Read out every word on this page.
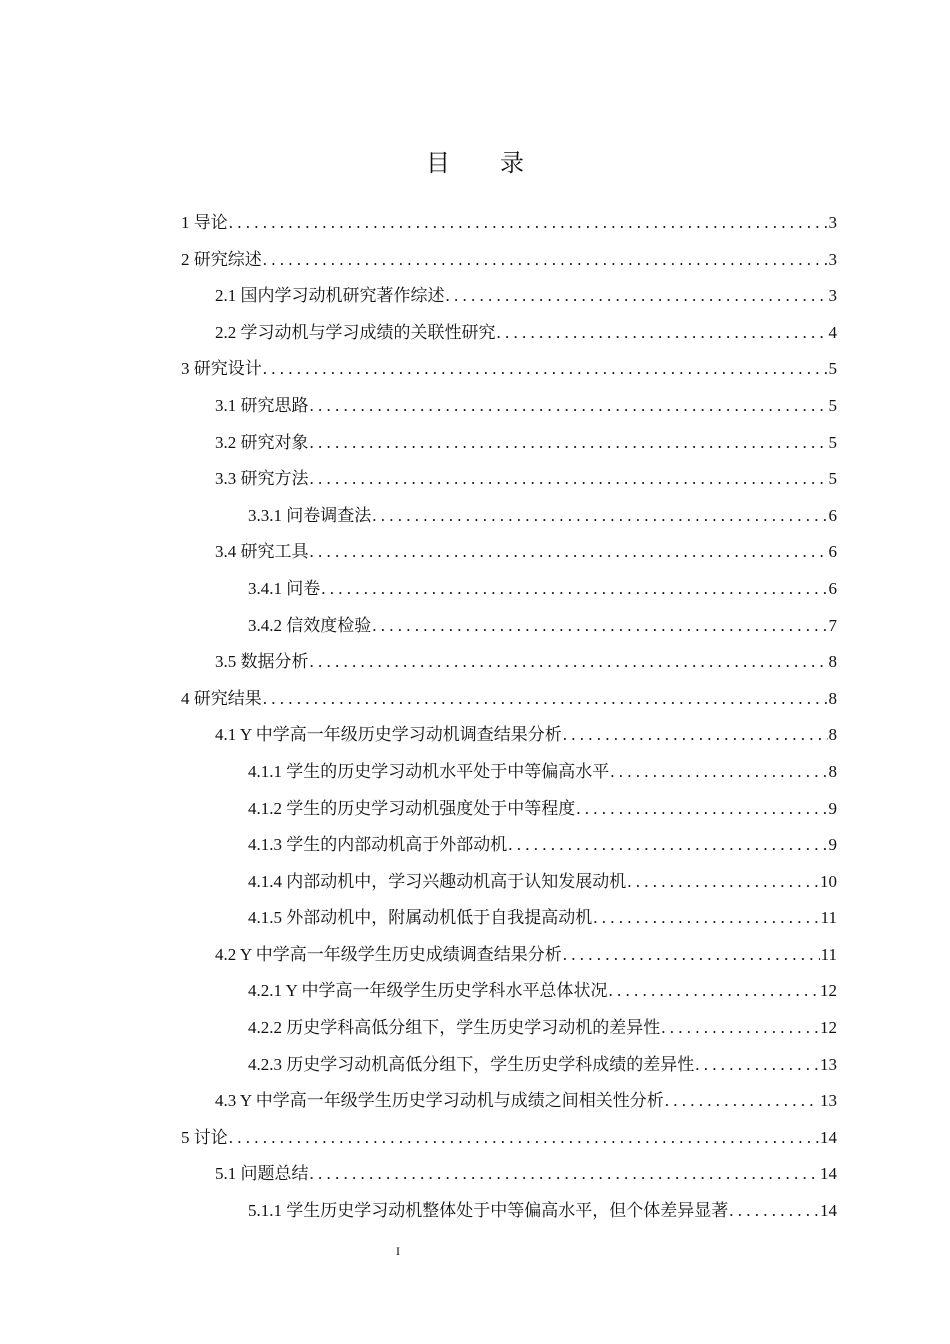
目 录
1 导论 . . .	3
2 研究综述 . . .	3
2.1 国内学习动机研究著作综述 . . .	3
2.2 学习动机与学习成绩的关联性研究 . . .	4
3 研究设计 . . .	5
3.1 研究思路 . . .	5
3.2 研究对象 . . .	5
3.3 研究方法 . . .	5
3.3.1 问卷调查法 . . .	6
3.4 研究工具 . . .	6
3.4.1 问卷 . . .	6
3.4.2 信效度检验 . . .	7
3.5 数据分析 . . .	8
4 研究结果 . . .	8
4.1 Y 中学高一年级历史学习动机调查结果分析 . . .	8
4.1.1 学生的历史学习动机水平处于中等偏高水平 . . .	8
4.1.2 学生的历史学习动机强度处于中等程度 . . .	9
4.1.3 学生的内部动机高于外部动机 . . .	9
4.1.4 内部动机中，学习兴趣动机高于认知发展动机 . . .	10
4.1.5 外部动机中，附属动机低于自我提高动机 . . .	11
4.2 Y 中学高一年级学生历史成绩调查结果分析 . . .	11
4.2.1 Y 中学高一年级学生历史学科水平总体状况 . . .	12
4.2.2 历史学科高低分组下，学生历史学习动机的差异性 . . .	12
4.2.3 历史学习动机高低分组下，学生历史学科成绩的差异性 . . .	13
4.3 Y 中学高一年级学生历史学习动机与成绩之间相关性分析 . . .	13
5 讨论 . . .	14
5.1 问题总结 . . .	14
5.1.1 学生历史学习动机整体处于中等偏高水平，但个体差异显著 . . .	14
I
